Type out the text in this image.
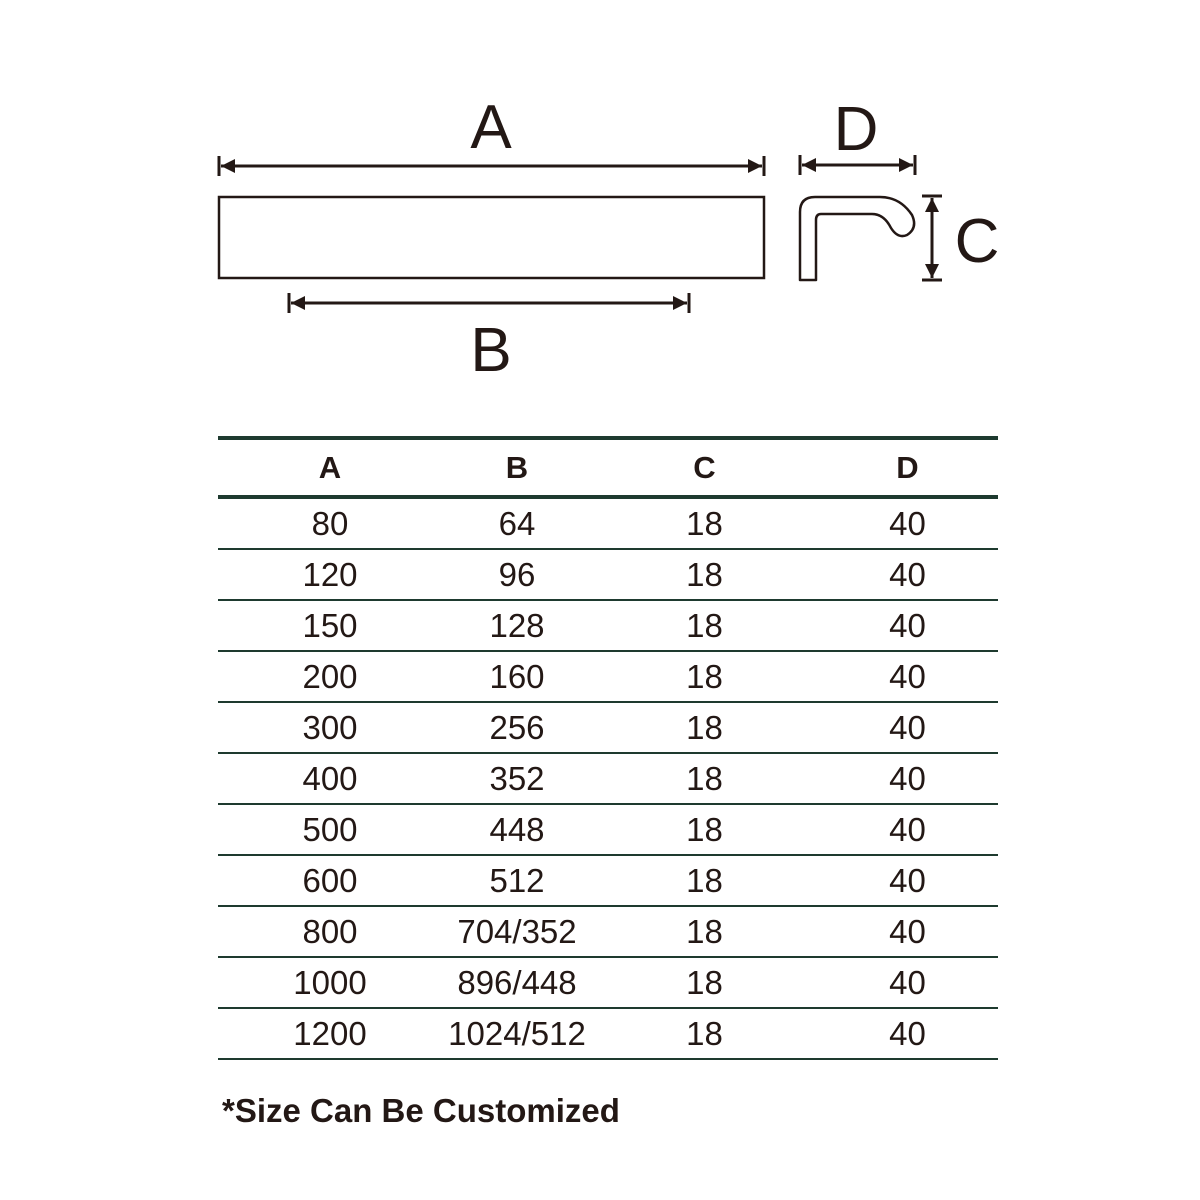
A
B
D
C
A	B	C	D

80	64	18	40

120	96	18	40

150	128	18	40

200	160	18	40

300	256	18	40

400	352	18	40

500	448	18	40

600	512	18	40

800	704/352	18	40

1000	896/448	18	40

1200	1024/512	18	40
*Size Can Be Customized
